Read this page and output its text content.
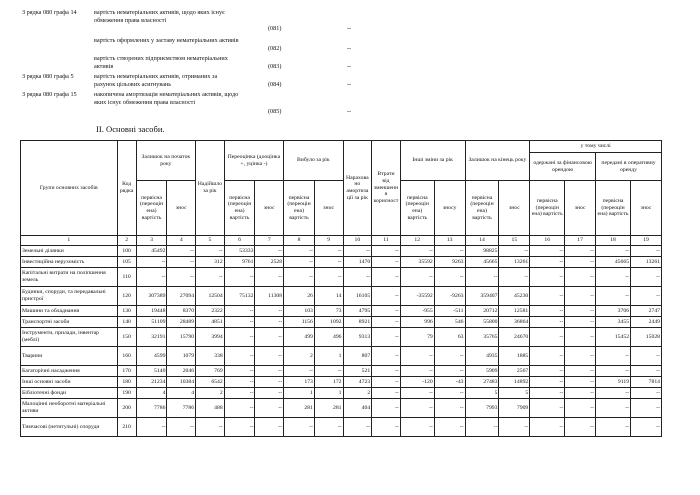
З рядка 080 графа 14	вартість нематеріальних активів, щодо яких існує обмеження права власності
(081)	--
вартість оформлених у заставу нематеріальних активів
(082)	--
вартість створених підприємством нематеріальних активів	(083)	--
З рядка 080 графа 5	вартість нематеріальних активів, отриманих за рахунок цільових асигнувань	(084)	--
З рядка 080 графа 15	накопичена амортизація нематеріальних активів, щодо яких існує обмеження права власності
(085)	--
II. Основні засоби.
Групи основних засобів	Код рядка	Залишок на початок року		Надійшло за рік	Переоцінка (дооцінка +, уцінка -)		Вибуло за рік		Нарахова но амортиза ції за рік	Втрати від зменшенн я корисност	Інші зміни за рік		Залишок на кінець року		у тому числі			
															одержані за фінансовою орендою		передані в оперативну оренду	
		первісна (переоцін ена) вартість	знос		первісна (переоцін ена) вартість	знос	первісна (переоцін ена) вартість	знос			первісна (переоцін ена) вартість	зносу	первісна (переоцін ена) вартість	знос	первісна (переоцін ена) вартість	знос	первісна (переоцін ена) вартість	знос
1	2	3	4	5	6	7	8	9	10	11	12	13	14	15	16	17	18	19
Земельні ділянки	100	45492	--	--	53333	--	--	--	--	--	--	--	98825	--	--	--	--	--
Інвестиційна нерухомість	105	--	--	312	9761	2528	--	--	1470	--	35592	9263	45665	13261	--	--	45665	13261
Капітальні витрати на поліпшення земель	110	--	--	--	--	--	--	--	--	--	--	--	--	--	--	--	--	--
Будинки, споруди, та передавальні пристрої	120	307389	27094	12504	75132	11308	26	14	16105	--	-35592	-9263	359407	45230	--	--	--	--
Машини та обладнання	130	19448	8370	2322	--	--	103	73	4795	--	-955	-511	20712	12581	--	--	3706	2747
Транспортні засоби	140	51109	28489	4851	--	--	1156	1092	8921	--	996	546	55800	36864	--	--	3455	2449
Інструменти, прилади, інвентар (меблі)	150	32191	15790	3994	--	--	499	496	9313	--	79	63	35765	24670	--	--	15452	15028
Тварини	160	4599	1079	338	--	--	2	1	807	--	--	--	4935	1885	--	--	--	--
Багаторічні насадження	170	5140	2046	769	--	--	--	--	521	--	--	--	5909	2567	--	--	--	--
Інші основні засоби	180	21234	10384	6542	--	--	173	172	4723	--	-120	-43	27483	14892	--	--	9119	7814
Бібліотечні фонди	190	4	4	2	--	--	1	1	2	--	--	--	5	5	--	--	--	--
Малоцінні необоротні матеріальні активи	200	7786	7786	488	--	--	281	281	404	--	--	--	7993	7909	--	--	--	--
Тимчасові (нетитульні) споруди	210	--	--	--	--	--	--	--	--	--	--	--	--	--	--	--	--	--
